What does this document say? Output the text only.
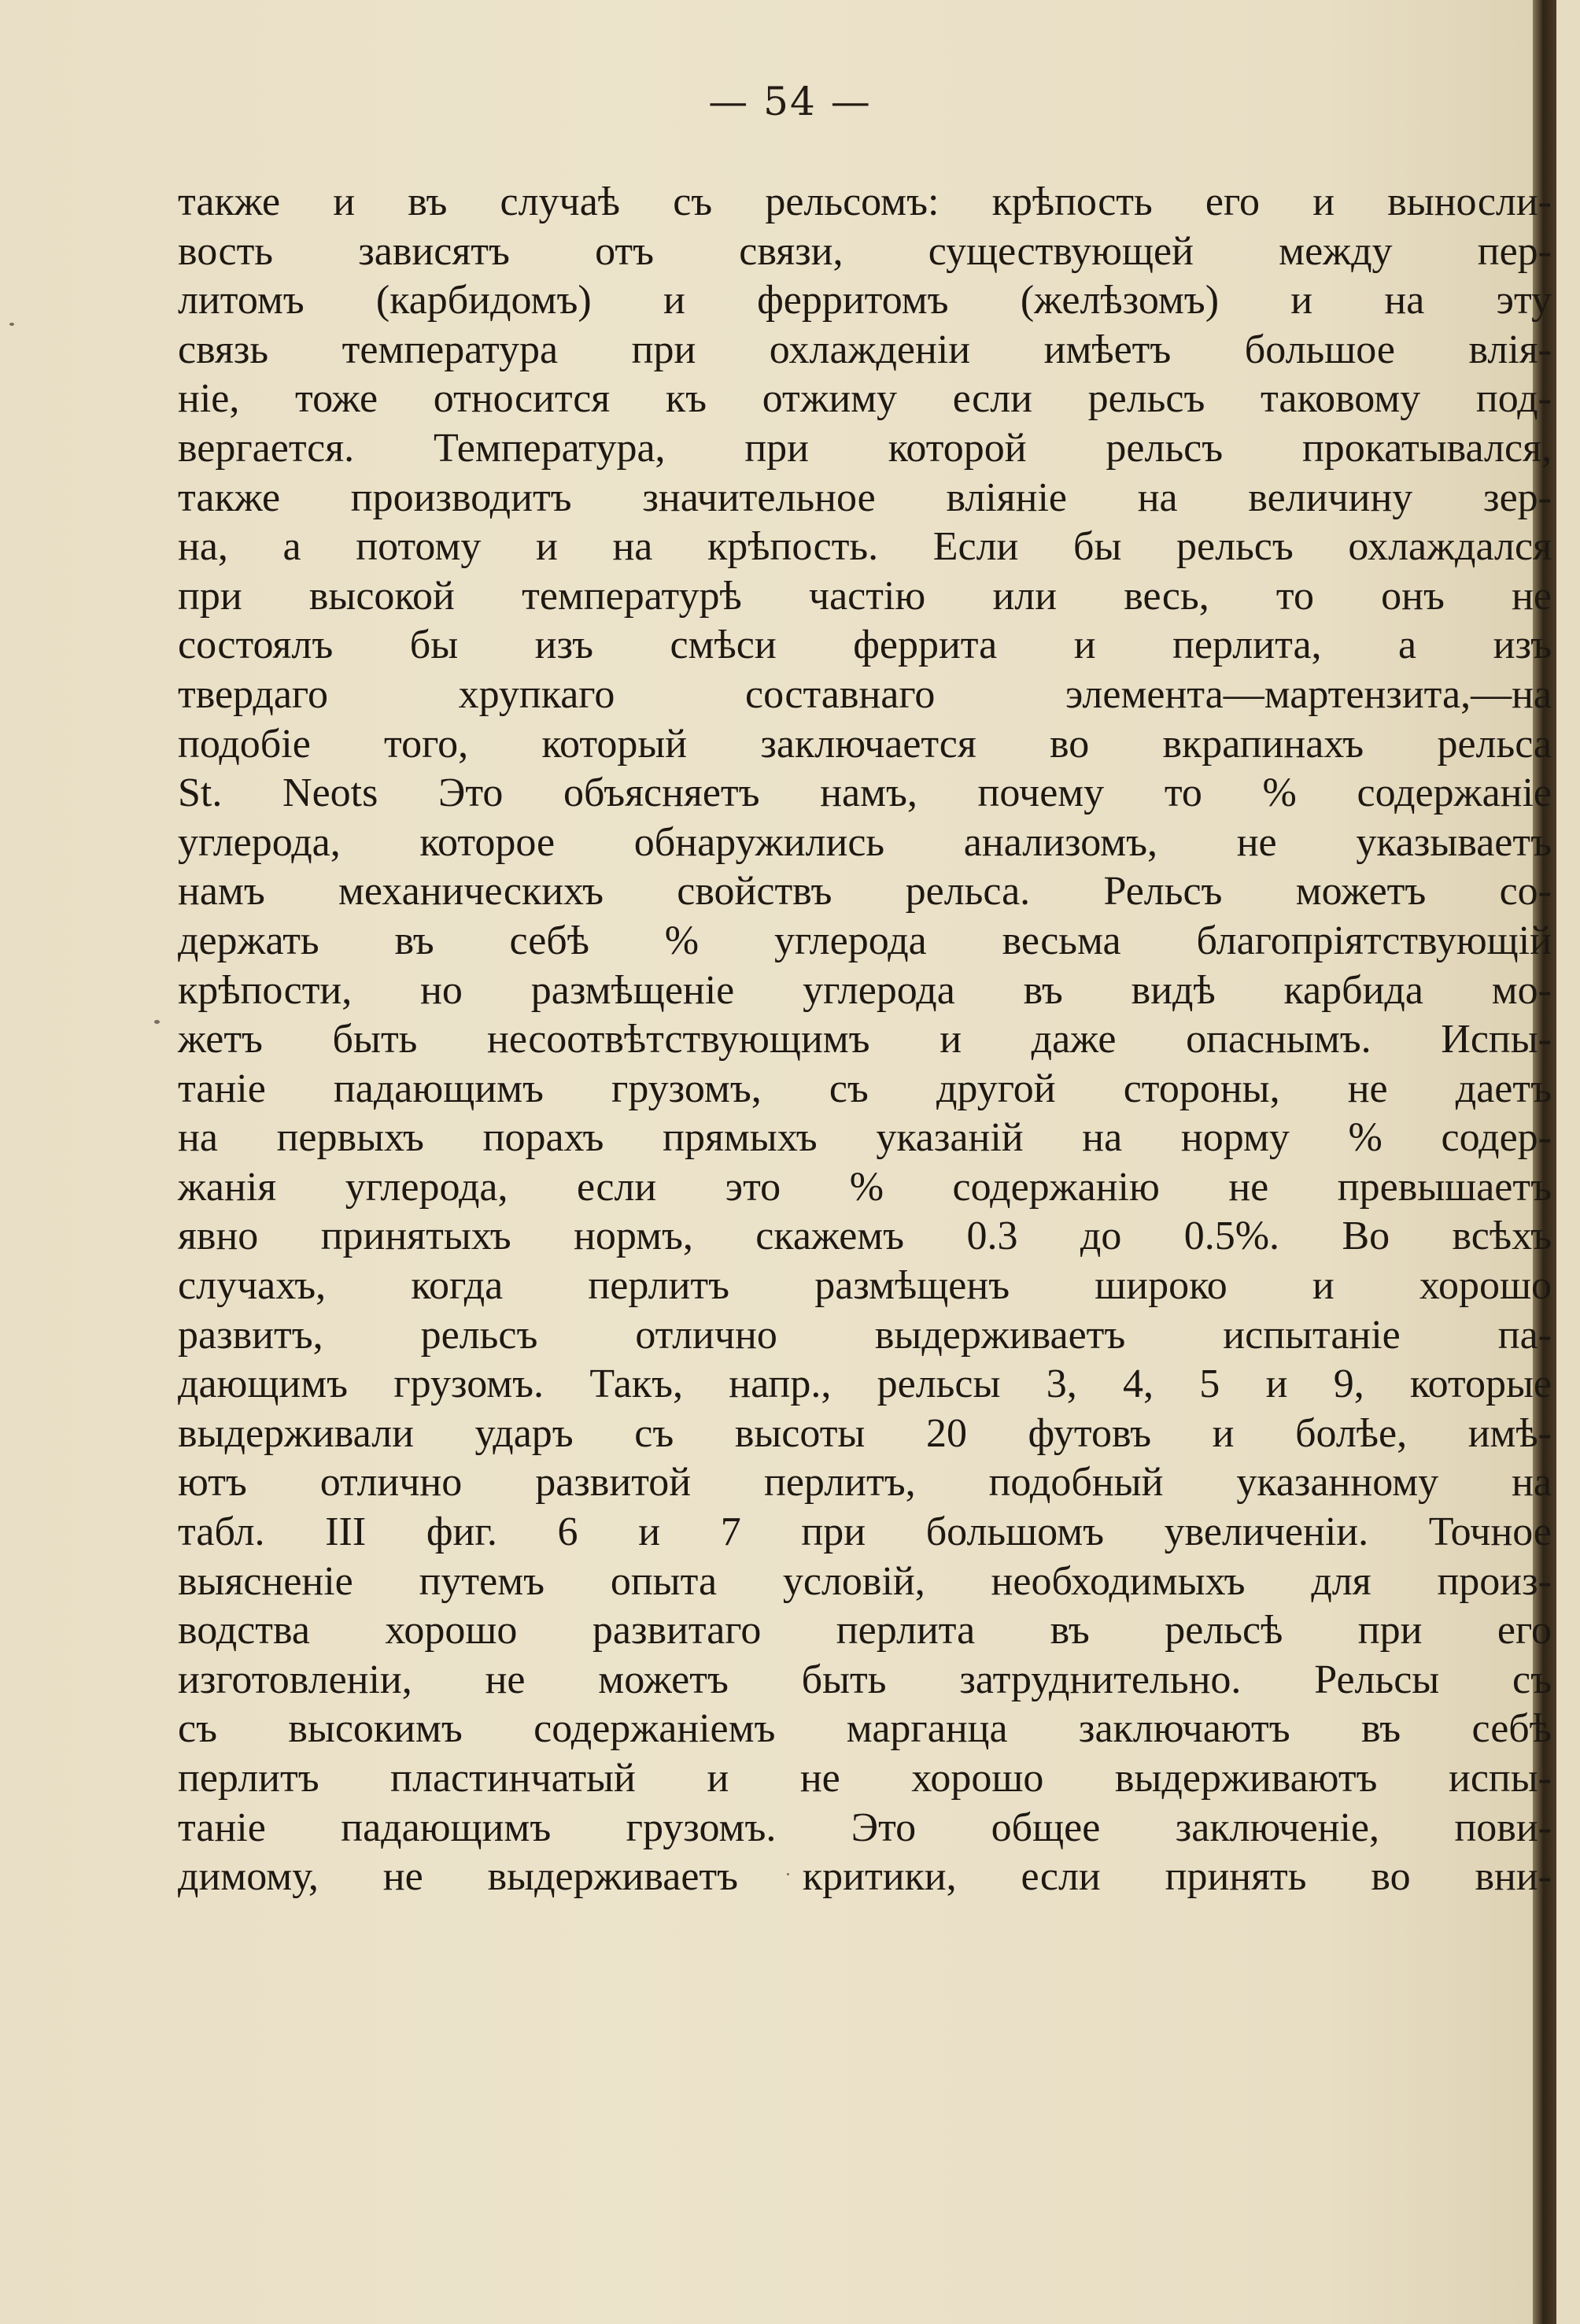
— 54 —
также и въ случаѣ съ рельсомъ: крѣпость его и выносли-
вость зависятъ отъ связи, существующей между пер-
литомъ (карбидомъ) и ферритомъ (желѣзомъ) и на эту
связь температура при охлажденіи имѣетъ большое влія-
ніе, тоже относится къ отжиму если рельсъ таковому под-
вергается. Температура, при которой рельсъ прокатывался,
также производитъ значительное вліяніе на величину зер-
на, а потому и на крѣпость. Если бы рельсъ охлаждался
при высокой температурѣ частію или весь, то онъ не
состоялъ бы изъ смѣси феррита и перлита, а изъ
твердаго хрупкаго составнаго элемента—мартензита,—на
подобіе того, который заключается во вкрапинахъ рельса
St. Neots Это объясняетъ намъ, почему то % содержаніе
углерода, которое обнаружились анализомъ, не указываетъ
намъ механическихъ свойствъ рельса. Рельсъ можетъ со-
держать въ себѣ % углерода весьма благопріятствующій
крѣпости, но размѣщеніе углерода въ видѣ карбида мо-
жетъ быть несоотвѣтствующимъ и даже опаснымъ. Испы-
таніе падающимъ грузомъ, съ другой стороны, не даетъ
на первыхъ порахъ прямыхъ указаній на норму % содер-
жанія углерода, если это % содержанію не превышаетъ
явно принятыхъ нормъ, скажемъ 0.3 до 0.5%. Во всѣхъ
случахъ, когда перлитъ размѣщенъ широко и хорошо
развитъ, рельсъ отлично выдерживаетъ испытаніе па-
дающимъ грузомъ. Такъ, напр., рельсы 3, 4, 5 и 9, которые
выдерживали ударъ съ высоты 20 футовъ и болѣе, имѣ-
ютъ отлично развитой перлитъ, подобный указанному на
табл. III фиг. 6 и 7 при большомъ увеличеніи. Точное
выясненіе путемъ опыта условій, необходимыхъ для произ-
водства хорошо развитаго перлита въ рельсѣ при его
изготовленіи, не можетъ быть затруднительно. Рельсы съ
съ высокимъ содержаніемъ марганца заключаютъ въ себѣ
перлитъ пластинчатый и не хорошо выдерживаютъ испы-
таніе падающимъ грузомъ. Это общее заключеніе, пови-
димому, не выдерживаетъ критики, если принять во вни-
